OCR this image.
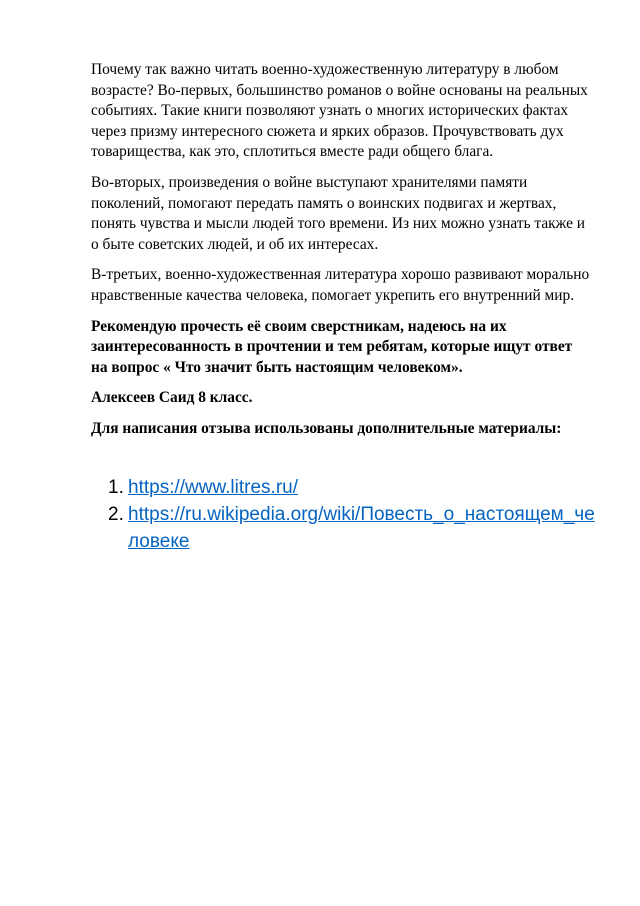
Почему так важно читать военно-художественную литературу в любом возрасте? Во-первых, большинство романов о войне основаны на реальных событиях. Такие книги позволяют узнать о многих исторических фактах через призму интересного сюжета и ярких образов. Прочувствовать дух товарищества, как это, сплотиться вместе ради общего блага.

Во-вторых, произведения о войне выступают хранителями памяти поколений, помогают передать память о воинских подвигах и жертвах, понять чувства и мысли людей того времени. Из них можно узнать также и о быте советских людей, и об их интересах.

В-третьих, военно-художественная литература хорошо развивают морально нравственные качества человека, помогает укрепить его внутренний мир.

Рекомендую прочесть её своим сверстникам, надеюсь на их заинтересованность в прочтении и тем ребятам, которые ищут ответ на вопрос « Что значит быть настоящим человеком».

Алексеев Саид 8 класс.

Для написания отзыва использованы дополнительные материалы:

1. https://www.litres.ru/
2. https://ru.wikipedia.org/wiki/Повесть_о_настоящем_человеке
